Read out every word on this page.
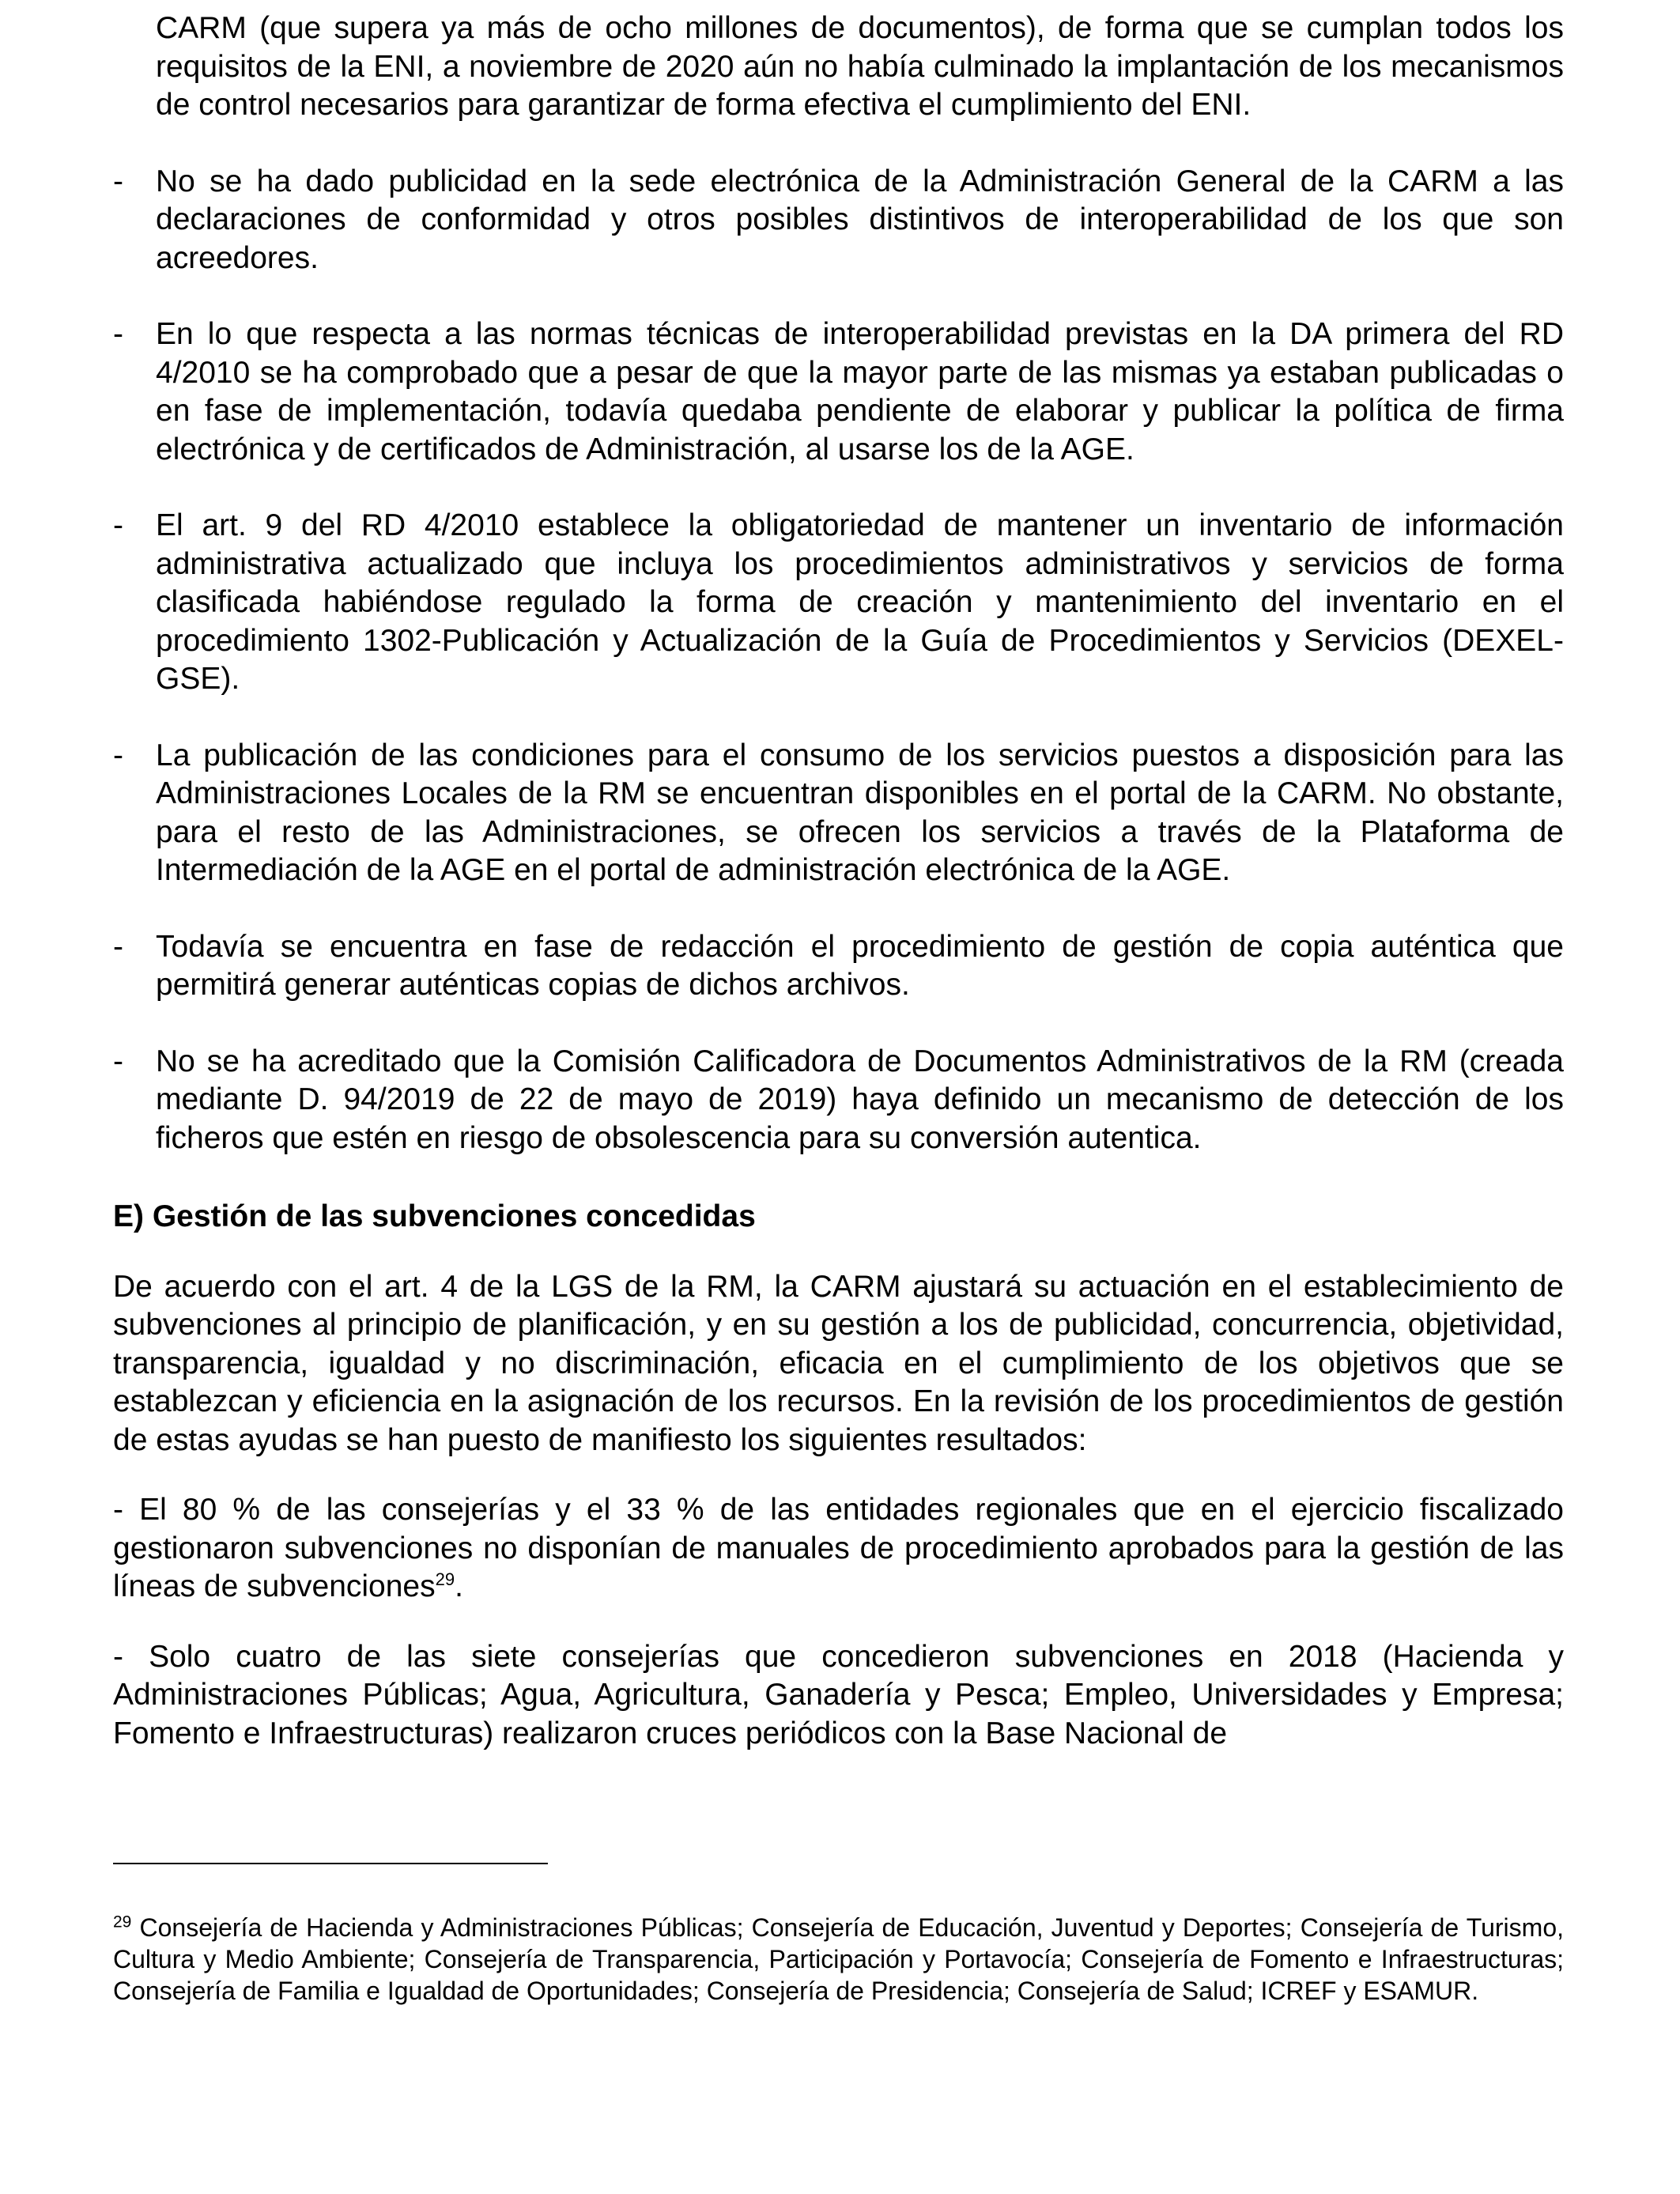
CARM (que supera ya más de ocho millones de documentos), de forma que se cumplan todos los requisitos de la ENI, a noviembre de 2020 aún no había culminado la implantación de los mecanismos de control necesarios para garantizar de forma efectiva el cumplimiento del ENI.

- No se ha dado publicidad en la sede electrónica de la Administración General de la CARM a las declaraciones de conformidad y otros posibles distintivos de interoperabilidad de los que son acreedores.

- En lo que respecta a las normas técnicas de interoperabilidad previstas en la DA primera del RD 4/2010 se ha comprobado que a pesar de que la mayor parte de las mismas ya estaban publicadas o en fase de implementación, todavía quedaba pendiente de elaborar y publicar la política de firma electrónica y de certificados de Administración, al usarse los de la AGE.

- El art. 9 del RD 4/2010 establece la obligatoriedad de mantener un inventario de información administrativa actualizado que incluya los procedimientos administrativos y servicios de forma clasificada habiéndose regulado la forma de creación y mantenimiento del inventario en el procedimiento 1302-Publicación y Actualización de la Guía de Procedimientos y Servicios (DEXEL-GSE).

- La publicación de las condiciones para el consumo de los servicios puestos a disposición para las Administraciones Locales de la RM se encuentran disponibles en el portal de la CARM. No obstante, para el resto de las Administraciones, se ofrecen los servicios a través de la Plataforma de Intermediación de la AGE en el portal de administración electrónica de la AGE.

- Todavía se encuentra en fase de redacción el procedimiento de gestión de copia auténtica que permitirá generar auténticas copias de dichos archivos.

- No se ha acreditado que la Comisión Calificadora de Documentos Administrativos de la RM (creada mediante D. 94/2019 de 22 de mayo de 2019) haya definido un mecanismo de detección de los ficheros que estén en riesgo de obsolescencia para su conversión autentica.

E) Gestión de las subvenciones concedidas

De acuerdo con el art. 4 de la LGS de la RM, la CARM ajustará su actuación en el establecimiento de subvenciones al principio de planificación, y en su gestión a los de publicidad, concurrencia, objetividad, transparencia, igualdad y no discriminación, eficacia en el cumplimiento de los objetivos que se establezcan y eficiencia en la asignación de los recursos. En la revisión de los procedimientos de gestión de estas ayudas se han puesto de manifiesto los siguientes resultados:

- El 80 % de las consejerías y el 33 % de las entidades regionales que en el ejercicio fiscalizado gestionaron subvenciones no disponían de manuales de procedimiento aprobados para la gestión de las líneas de subvenciones$^{29}$.

- Solo cuatro de las siete consejerías que concedieron subvenciones en 2018 (Hacienda y Administraciones Públicas; Agua, Agricultura, Ganadería y Pesca; Empleo, Universidades y Empresa; Fomento e Infraestructuras) realizaron cruces periódicos con la Base Nacional de

$^{29}$ Consejería de Hacienda y Administraciones Públicas; Consejería de Educación, Juventud y Deportes; Consejería de Turismo, Cultura y Medio Ambiente; Consejería de Transparencia, Participación y Portavocía; Consejería de Fomento e Infraestructuras; Consejería de Familia e Igualdad de Oportunidades; Consejería de Presidencia; Consejería de Salud; ICREF y ESAMUR.
